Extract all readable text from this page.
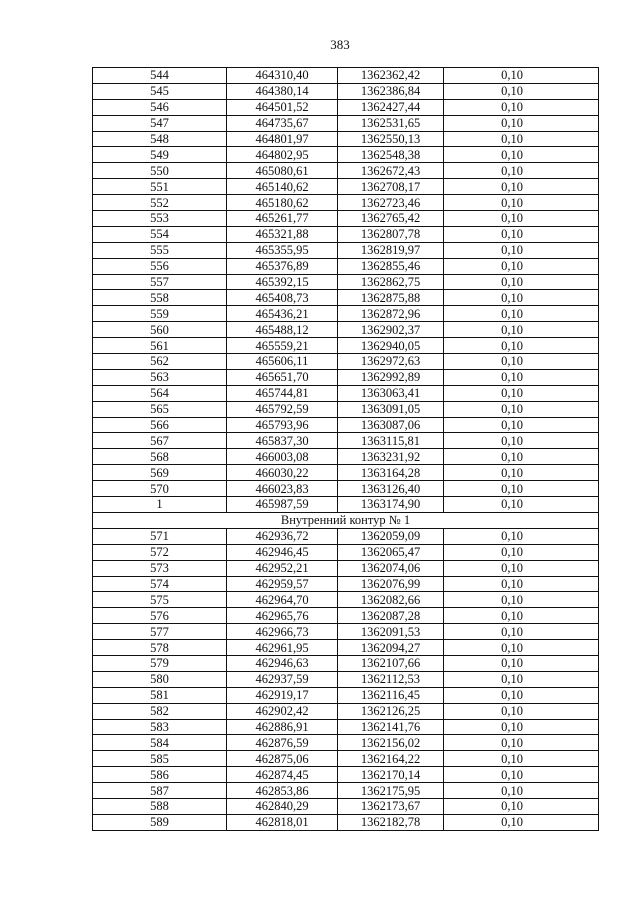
383
544	464310,40	1362362,42	0,10
545	464380,14	1362386,84	0,10
546	464501,52	1362427,44	0,10
547	464735,67	1362531,65	0,10
548	464801,97	1362550,13	0,10
549	464802,95	1362548,38	0,10
550	465080,61	1362672,43	0,10
551	465140,62	1362708,17	0,10
552	465180,62	1362723,46	0,10
553	465261,77	1362765,42	0,10
554	465321,88	1362807,78	0,10
555	465355,95	1362819,97	0,10
556	465376,89	1362855,46	0,10
557	465392,15	1362862,75	0,10
558	465408,73	1362875,88	0,10
559	465436,21	1362872,96	0,10
560	465488,12	1362902,37	0,10
561	465559,21	1362940,05	0,10
562	465606,11	1362972,63	0,10
563	465651,70	1362992,89	0,10
564	465744,81	1363063,41	0,10
565	465792,59	1363091,05	0,10
566	465793,96	1363087,06	0,10
567	465837,30	1363115,81	0,10
568	466003,08	1363231,92	0,10
569	466030,22	1363164,28	0,10
570	466023,83	1363126,40	0,10
1	465987,59	1363174,90	0,10
Внутренний контур № 1			
571	462936,72	1362059,09	0,10
572	462946,45	1362065,47	0,10
573	462952,21	1362074,06	0,10
574	462959,57	1362076,99	0,10
575	462964,70	1362082,66	0,10
576	462965,76	1362087,28	0,10
577	462966,73	1362091,53	0,10
578	462961,95	1362094,27	0,10
579	462946,63	1362107,66	0,10
580	462937,59	1362112,53	0,10
581	462919,17	1362116,45	0,10
582	462902,42	1362126,25	0,10
583	462886,91	1362141,76	0,10
584	462876,59	1362156,02	0,10
585	462875,06	1362164,22	0,10
586	462874,45	1362170,14	0,10
587	462853,86	1362175,95	0,10
588	462840,29	1362173,67	0,10
589	462818,01	1362182,78	0,10
